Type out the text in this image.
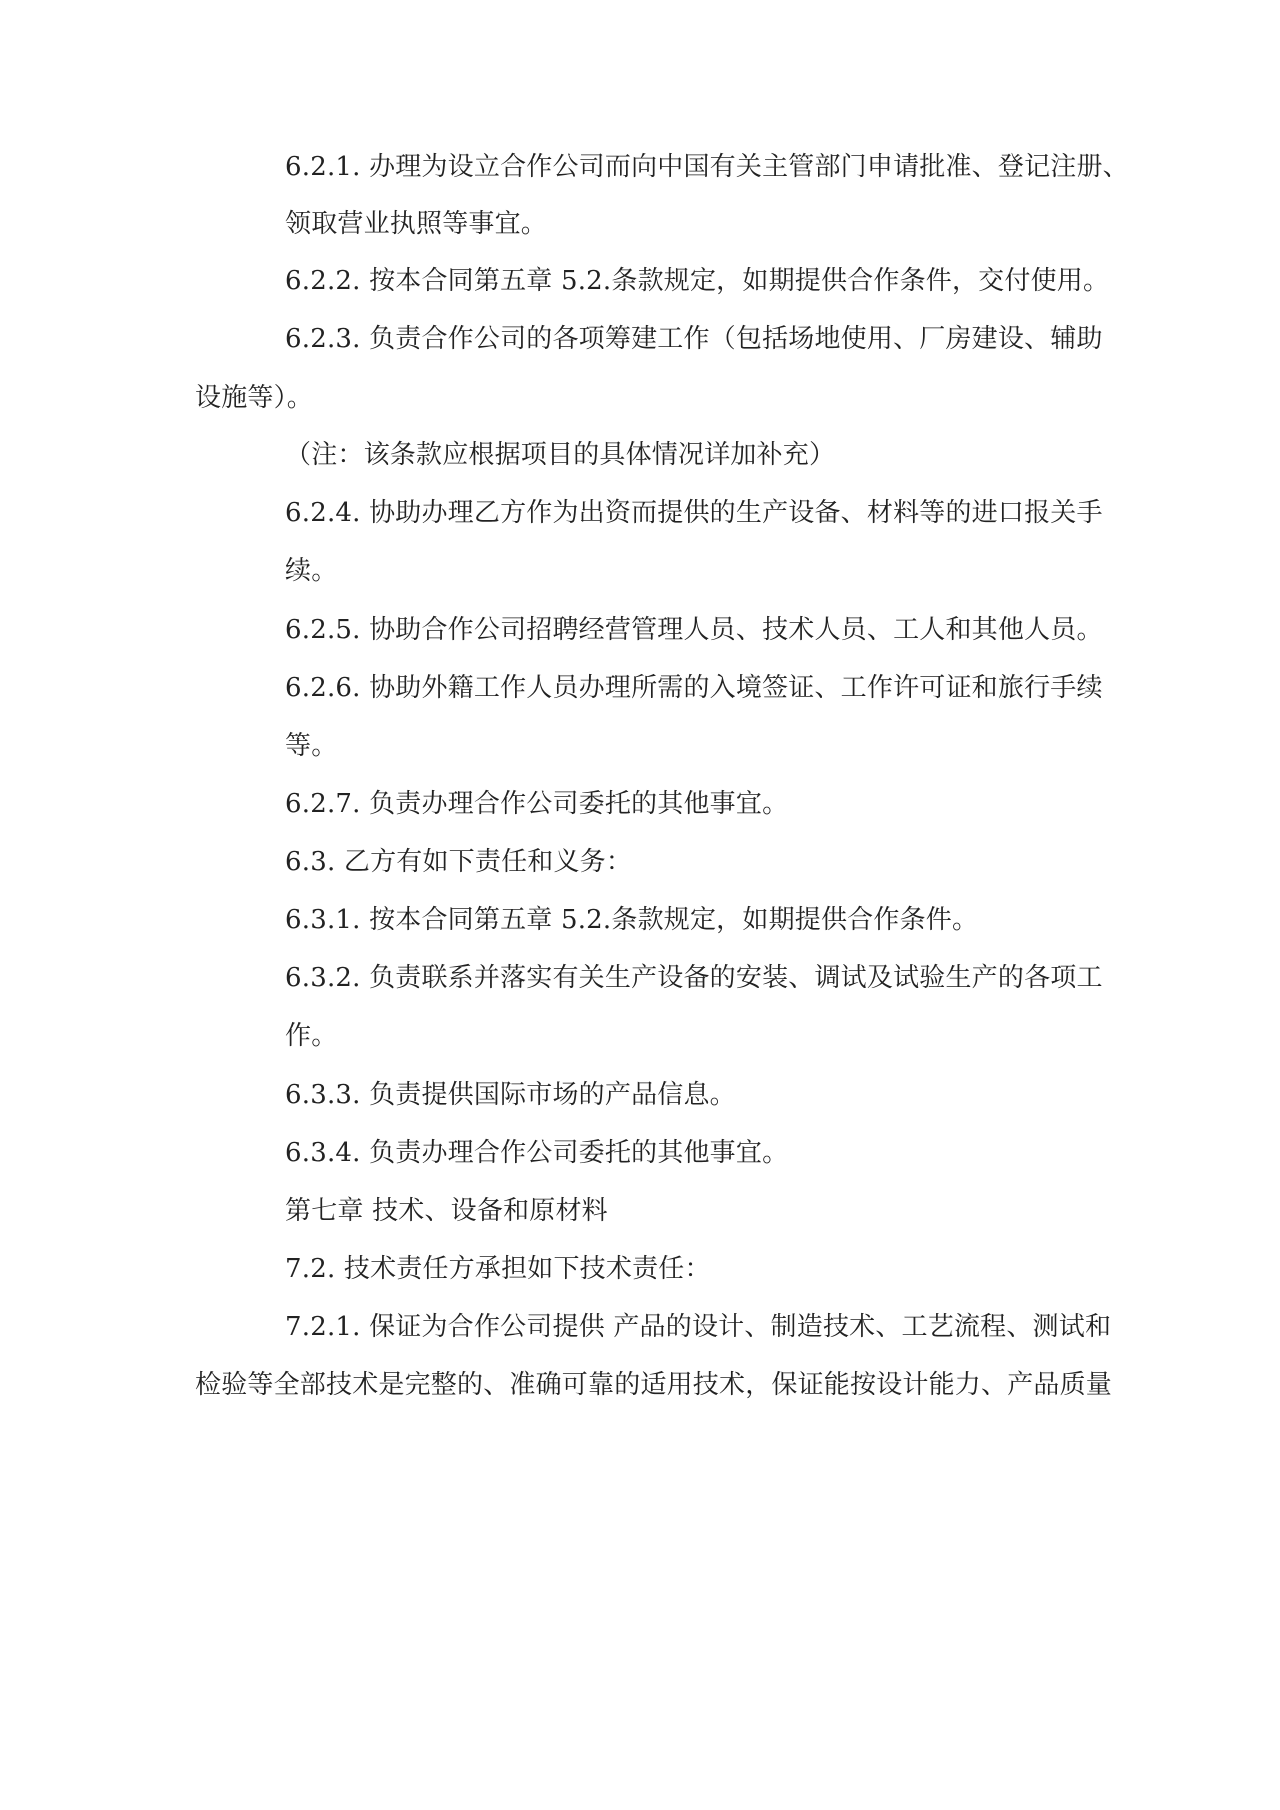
6.2.1. 办理为设立合作公司而向中国有关主管部门申请批准、登记注册、
领取营业执照等事宜。
6.2.2. 按本合同第五章 5.2.条款规定，如期提供合作条件，交付使用。
6.2.3. 负责合作公司的各项筹建工作（包括场地使用、厂房建设、辅助
设施等）。
（注：该条款应根据项目的具体情况详加补充）
6.2.4. 协助办理乙方作为出资而提供的生产设备、材料等的进口报关手
续。
6.2.5. 协助合作公司招聘经营管理人员、技术人员、工人和其他人员。
6.2.6. 协助外籍工作人员办理所需的入境签证、工作许可证和旅行手续
等。
6.2.7. 负责办理合作公司委托的其他事宜。
6.3. 乙方有如下责任和义务：
6.3.1. 按本合同第五章 5.2.条款规定，如期提供合作条件。
6.3.2. 负责联系并落实有关生产设备的安装、调试及试验生产的各项工
作。
6.3.3. 负责提供国际市场的产品信息。
6.3.4. 负责办理合作公司委托的其他事宜。
第七章 技术、设备和原材料
7.2. 技术责任方承担如下技术责任：
7.2.1. 保证为合作公司提供 产品的设计、制造技术、工艺流程、测试和
检验等全部技术是完整的、准确可靠的适用技术，保证能按设计能力、产品质量
